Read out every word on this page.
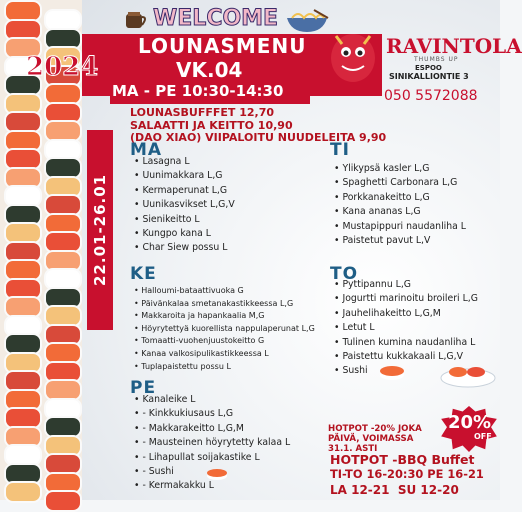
WELCOME
LOUNASMENU
2024	VK.04
MA - PE 10:30-14:30
RAVINTOLA
THUMBS UP
ESPOO
SINIKALLIONTIE 3
050 5572088
LOUNASBUFFFET 12,70
SALAATTI JA KEITTO 10,90
(DAO XIAO) VIIPALOITU NUUDELEITA 9,90
22.01-26.01
MA
• Lasagna L
• Uunimakkara L,G
• Kermaperunat L,G
• Uunikasvikset L,G,V
• Sienikeitto L
• Kungpo kana L
• Char Siew possu L
TI
• Ylikypsä kasler L,G
• Spaghetti Carbonara L,G
• Porkkanakeitto L,G
• Kana ananas L,G
• Mustapippuri naudanliha L
• Paistetut pavut L,V
KE
• Halloumi-bataattivuoka G
• Päivänkalaa smetanakastikkeessa L,G
• Makkaroita ja hapankaalia M,G
• Höyrytettyä kuorellista nappulaperunat L,G
• Tomaatti-vuohenjuustokeitto G
• Kanaa valkosipulikastikkeessa L
• Tuplapaistettu possu L
TO
• Pyttipannu L,G
• Jogurtti marinoitu broileri L,G
• Jauhelihakeitto L,G,M
• Letut L
• Tulinen kumina naudanliha L
• Paistettu kukkakaali L,G,V
• Sushi
PE
• Kanaleike L
• - Kinkkukiusaus L,G
• - Makkarakeitto L,G,M
• - Mausteinen höyrytetty kalaa L
• - Lihapullat soijakastike L
• - Sushi
• - Kermakakku L
HOTPOT -20% JOKA
PÄIVÄ, VOIMASSA
31.1. ASTI
20%
OFF
HOTPOT -BBQ Buffet
TI-TO 16-20:30 PE 16-21
LA 12-21  SU 12-20
